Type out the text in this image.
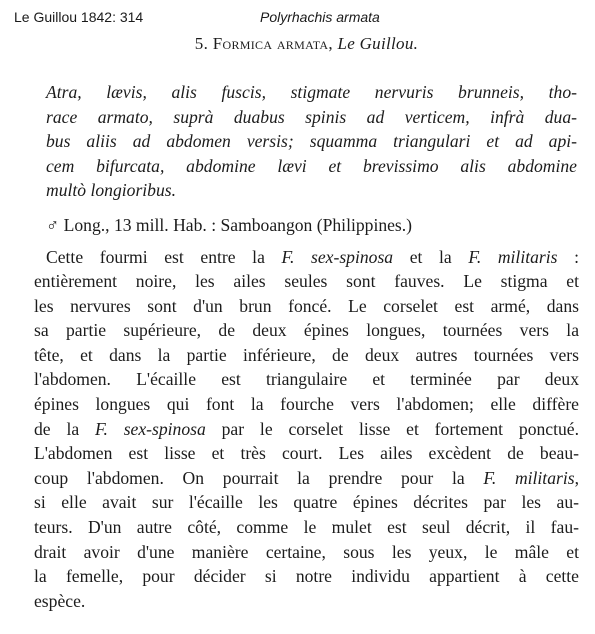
Le Guillou 1842: 314	Polyrhachis armata
5. Formica armata, Le Guillou.
Atra, lævis, alis fuscis, stigmate nervuris brunneis, tho-
race armato, suprà duabus spinis ad verticem, infrà dua-
bus aliis ad abdomen versis; squamma triangulari et ad api-
cem bifurcata, abdomine lævi et brevissimo alis abdomine
multò longioribus.
♂ Long., 13 mill. Hab. : Samboangon (Philippines.)
Cette fourmi est entre la F. sex-spinosa et la F. militaris :
entièrement noire, les ailes seules sont fauves. Le stigma et
les nervures sont d'un brun foncé. Le corselet est armé, dans
sa partie supérieure, de deux épines longues, tournées vers la
tête, et dans la partie inférieure, de deux autres tournées vers
l'abdomen. L'écaille est triangulaire et terminée par deux
épines longues qui font la fourche vers l'abdomen; elle diffère
de la F. sex-spinosa par le corselet lisse et fortement ponctué.
L'abdomen est lisse et très court. Les ailes excèdent de beau-
coup l'abdomen. On pourrait la prendre pour la F. militaris,
si elle avait sur l'écaille les quatre épines décrites par les au-
teurs. D'un autre côté, comme le mulet est seul décrit, il fau-
drait avoir d'une manière certaine, sous les yeux, le mâle et
la femelle, pour décider si notre individu appartient à cette
espèce.
